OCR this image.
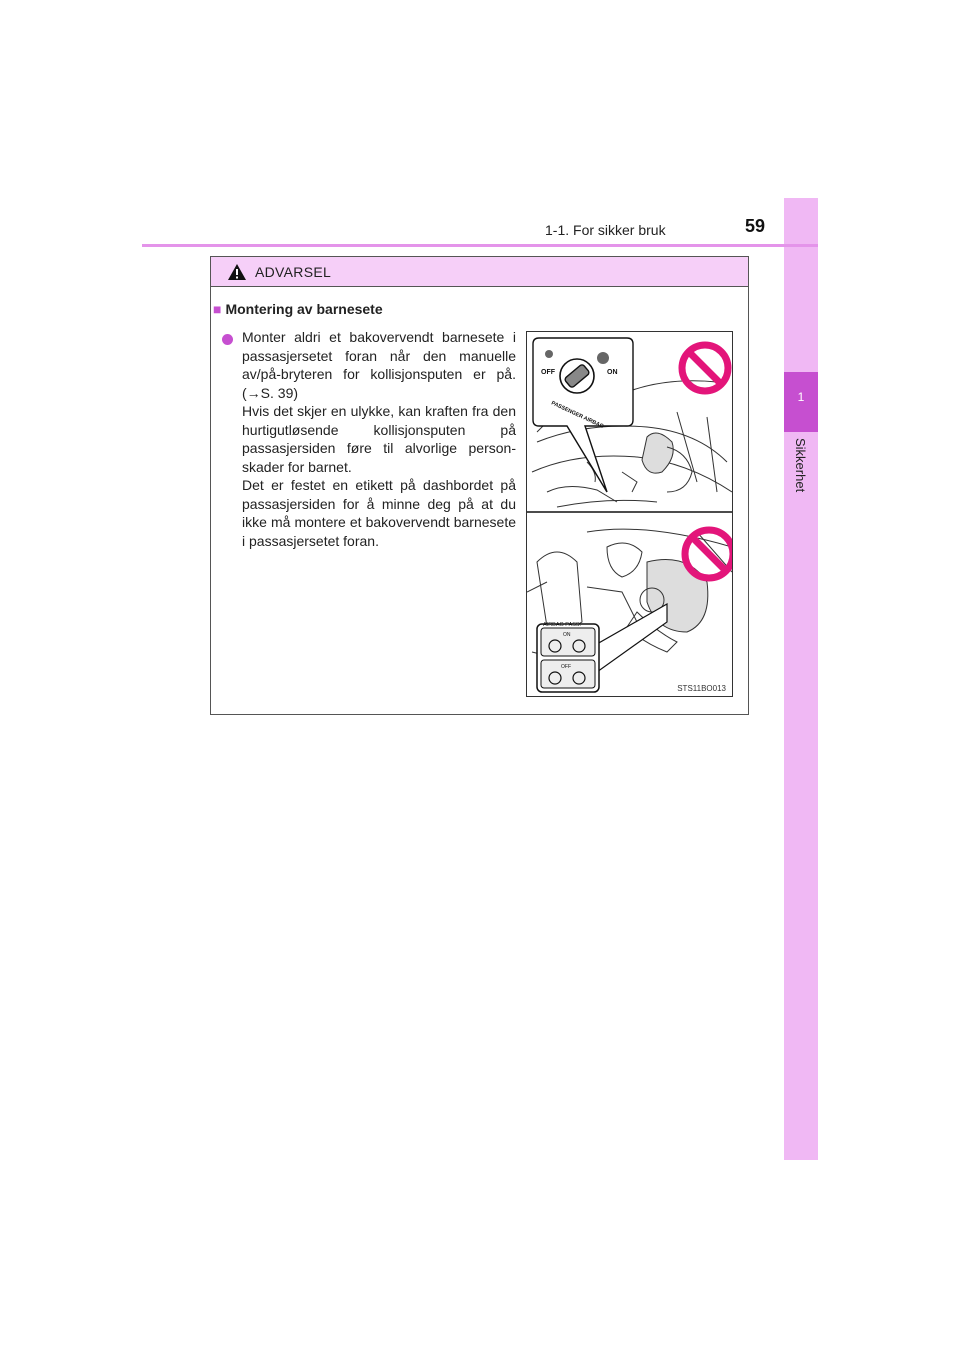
1
Sikkerhet
1-1. For sikker bruk	59
ADVARSEL
■ Montering av barnesete

Monter aldri et bakovervendt barnesete i passasjersetet foran når den manuelle av/på-bryteren for kollisjonsputen er på. (→S. 39)

Hvis det skjer en ulykke, kan kraften fra den hurtigutløsende kollisjonsputen på passasjersiden føre til alvorlige person-skader for barnet.

Det er festet en etikett på dashbordet på passasjersiden for å minne deg på at du ikke må montere et bakovervendt barnesete i passasjersetet foran.

OFF	ON
PASSENGER AIRBAG
AIRBAG PASS.
ON
OFF
STS11BO013
